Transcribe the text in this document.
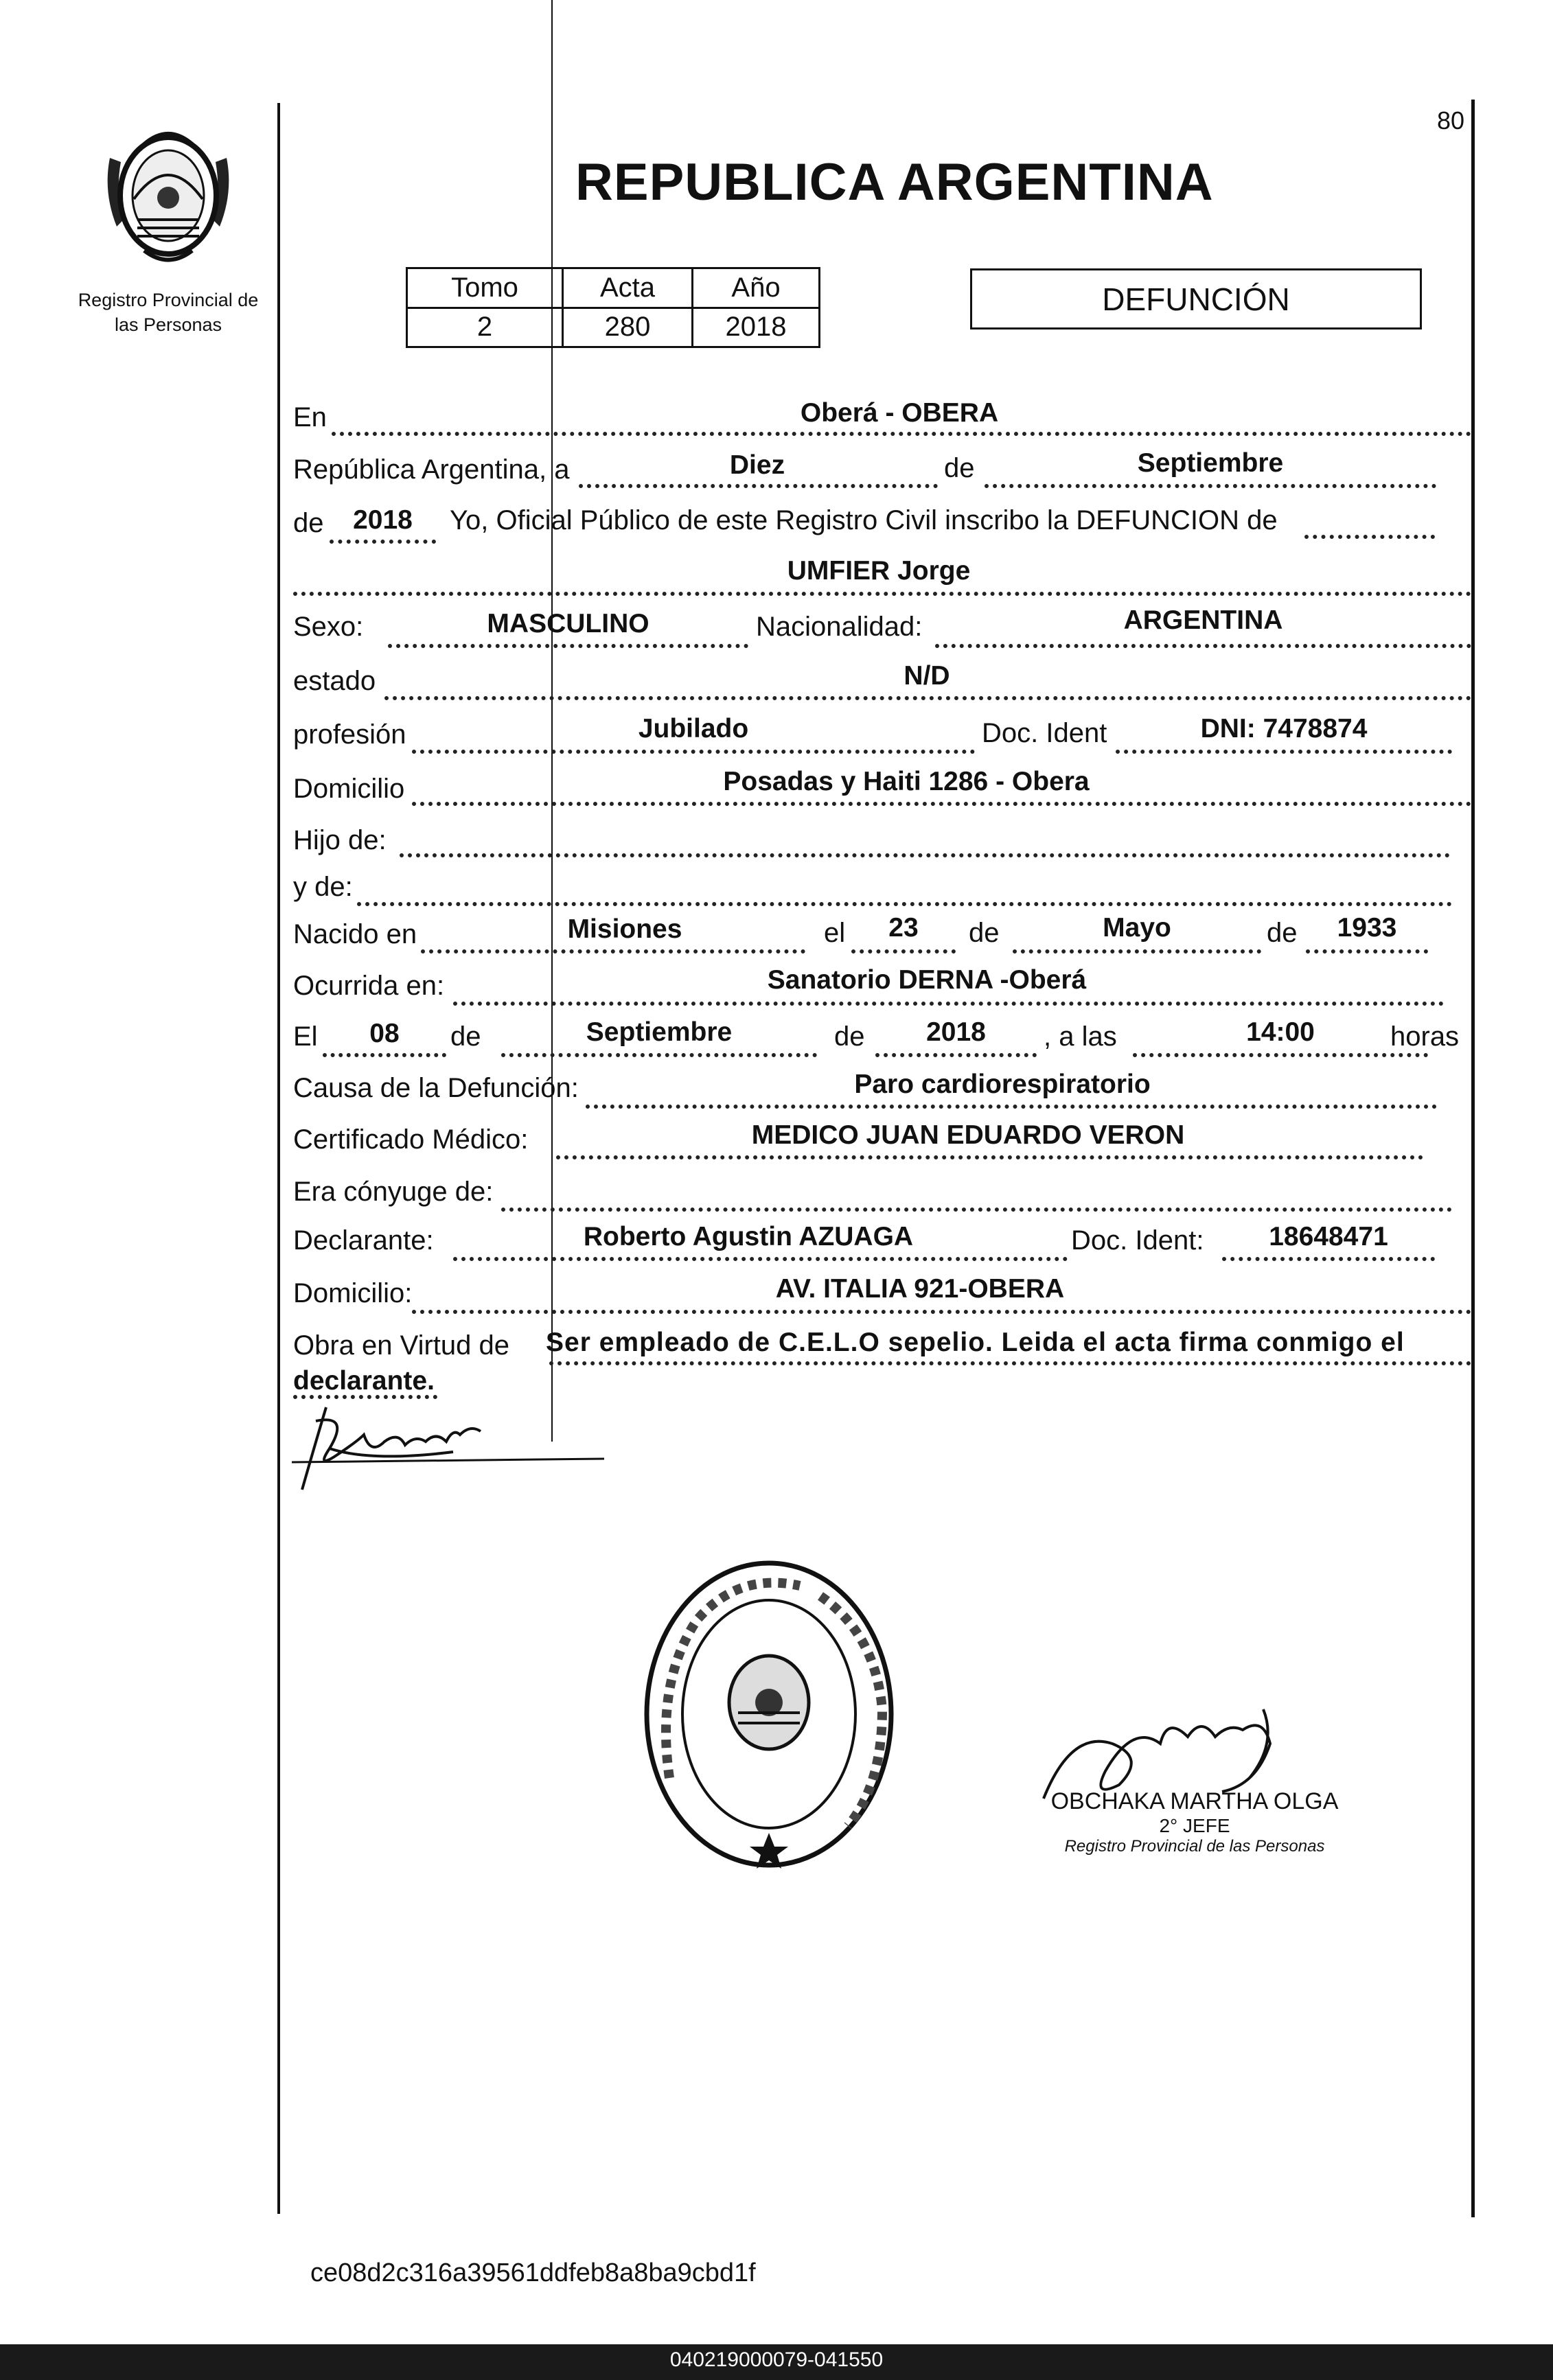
80
Registro Provincial de las Personas
REPUBLICA ARGENTINA
Tomo	Acta	Año
2	280	2018
DEFUNCIÓN
En	Oberá - OBERA
República Argentina, a	Diez	de	Septiembre
de	2018	Yo, Oficial Público de este Registro Civil inscribo la DEFUNCION de
UMFIER Jorge
Sexo:	MASCULINO	Nacionalidad:	ARGENTINA
estado	N/D
profesión	Jubilado	Doc. Ident	DNI: 7478874
Domicilio	Posadas y Haiti 1286 - Obera
Hijo de:
y de:
Nacido en	Misiones	el	23	de	Mayo	de	1933
Ocurrida en:	Sanatorio DERNA -Oberá
El	08	de	Septiembre	de	2018	, a las	14:00	horas
Causa de la Defunción:	Paro cardiorespiratorio
Certificado Médico:	MEDICO JUAN EDUARDO VERON
Era cónyuge de:
Declarante:	Roberto Agustin AZUAGA	Doc. Ident:	18648471
Domicilio:	AV. ITALIA 921-OBERA
Obra en Virtud de Ser empleado de C.E.L.O sepelio. Leida el acta firma conmigo el
declarante.
OBCHAKA MARTHA OLGA
2° JEFE
Registro Provincial de las Personas
ce08d2c316a39561ddfeb8a8ba9cbd1f
040219000079-041550
